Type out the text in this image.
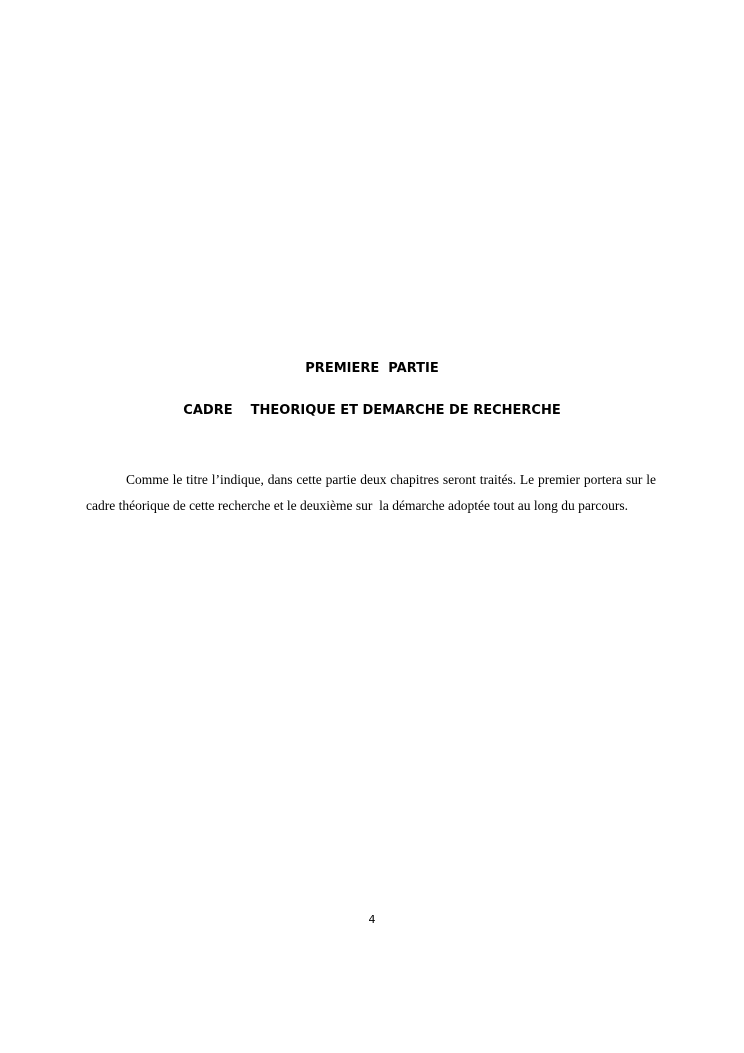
PREMIERE  PARTIE
CADRE    THEORIQUE ET DEMARCHE DE RECHERCHE

Comme le titre l’indique, dans cette partie deux chapitres seront traités. Le premier portera sur le cadre théorique de cette recherche et le deuxième sur  la démarche adoptée tout au long du parcours.

4
